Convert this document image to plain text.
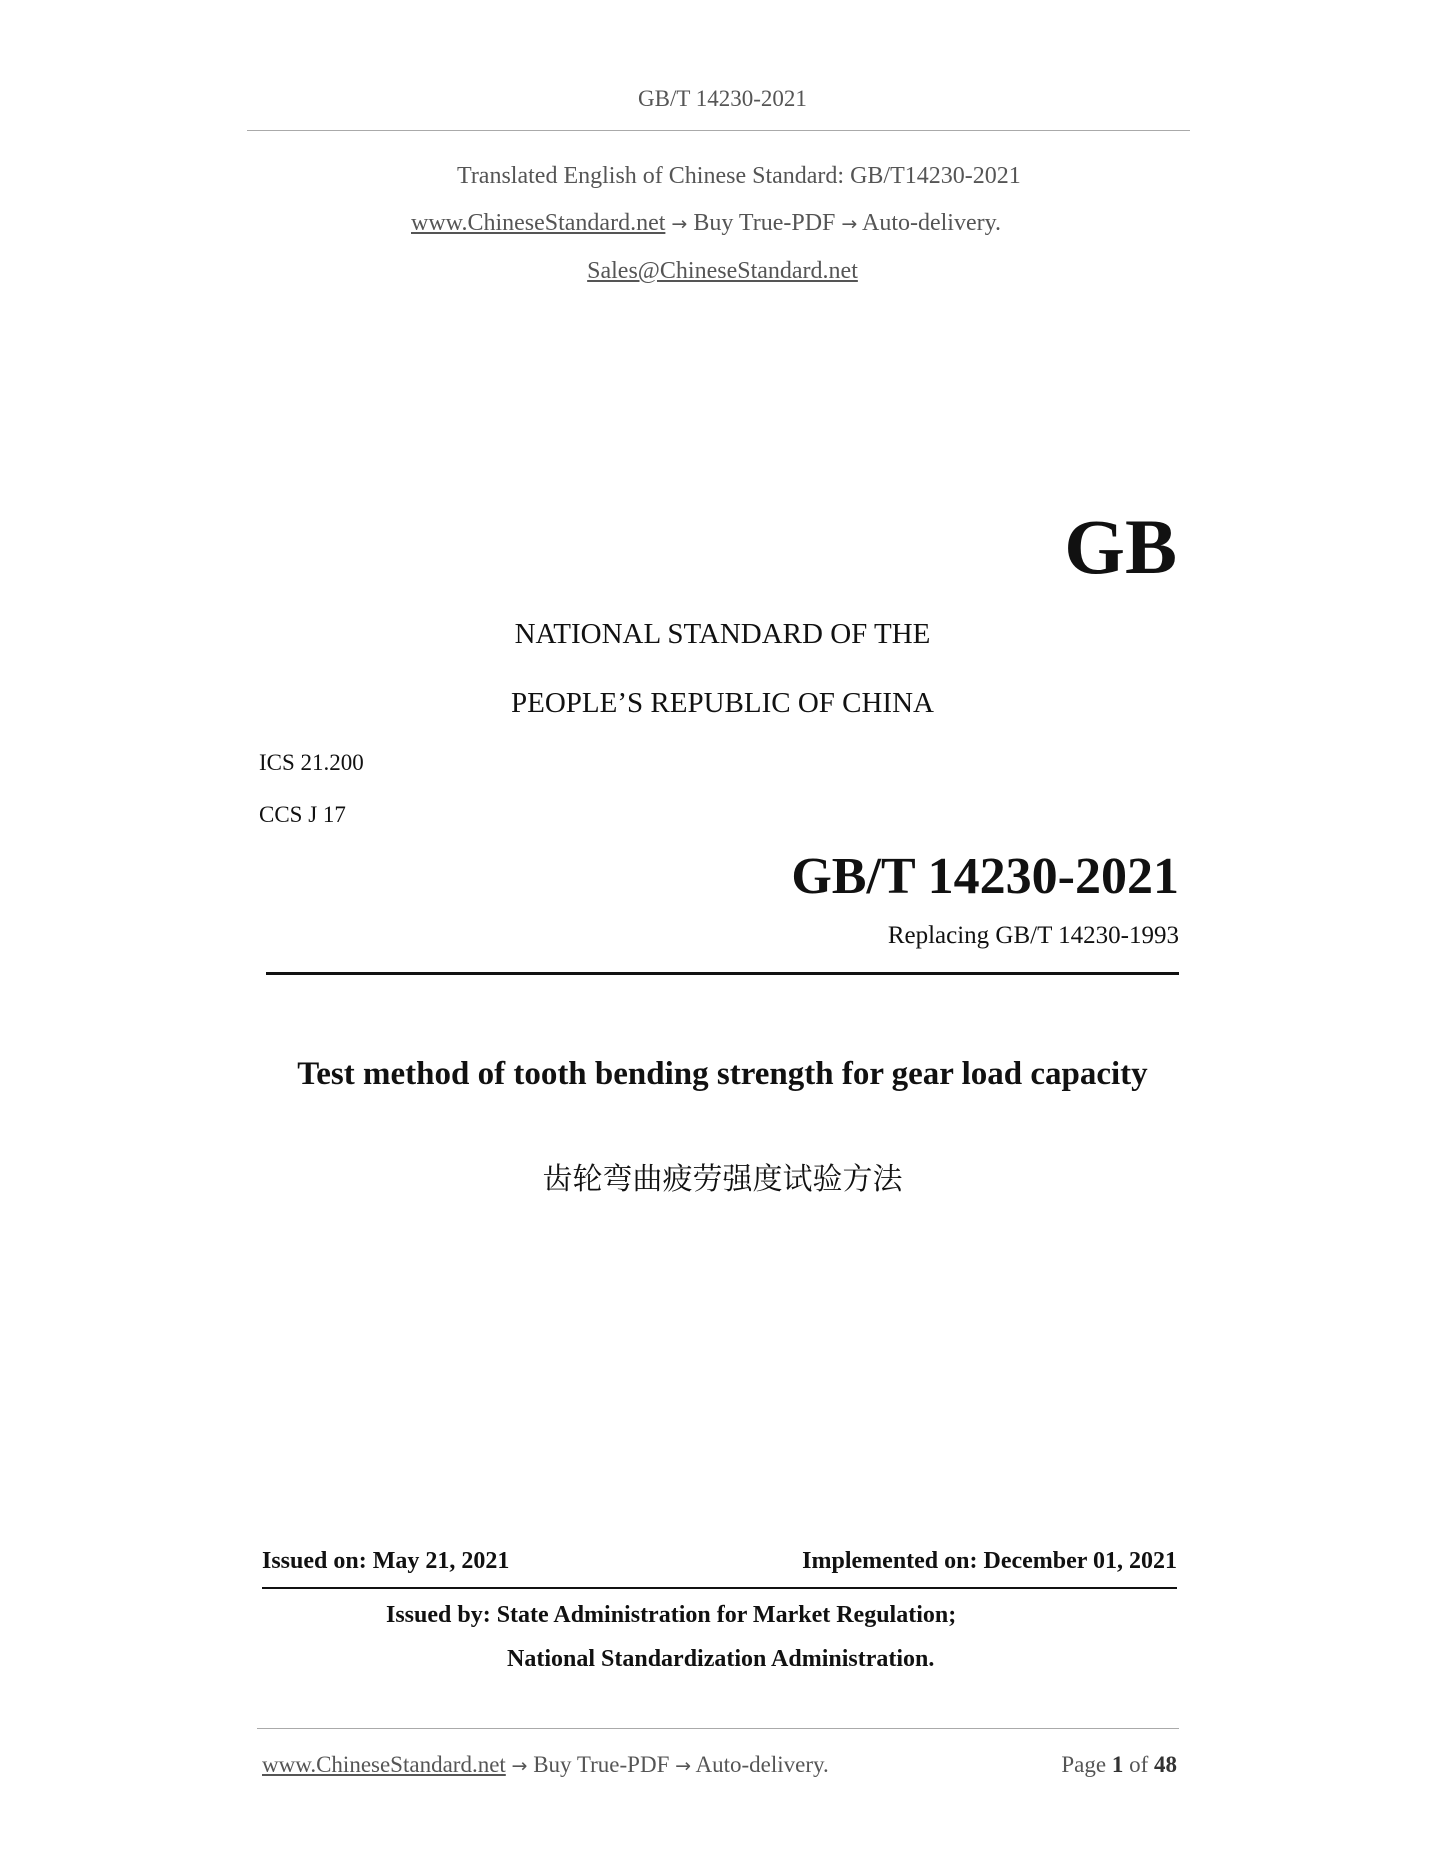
GB/T 14230-2021
Translated English of Chinese Standard: GB/T14230-2021
www.ChineseStandard.net → Buy True-PDF → Auto-delivery.
Sales@ChineseStandard.net
GB
NATIONAL STANDARD OF THE
PEOPLE’S REPUBLIC OF CHINA
ICS 21.200
CCS J 17
GB/T 14230-2021
Replacing GB/T 14230-1993
Test method of tooth bending strength for gear load capacity
齿轮弯曲疲劳强度试验方法
Issued on: May 21, 2021	Implemented on: December 01, 2021
Issued by: State Administration for Market Regulation;
National Standardization Administration.
www.ChineseStandard.net → Buy True-PDF → Auto-delivery.	Page 1 of 48
